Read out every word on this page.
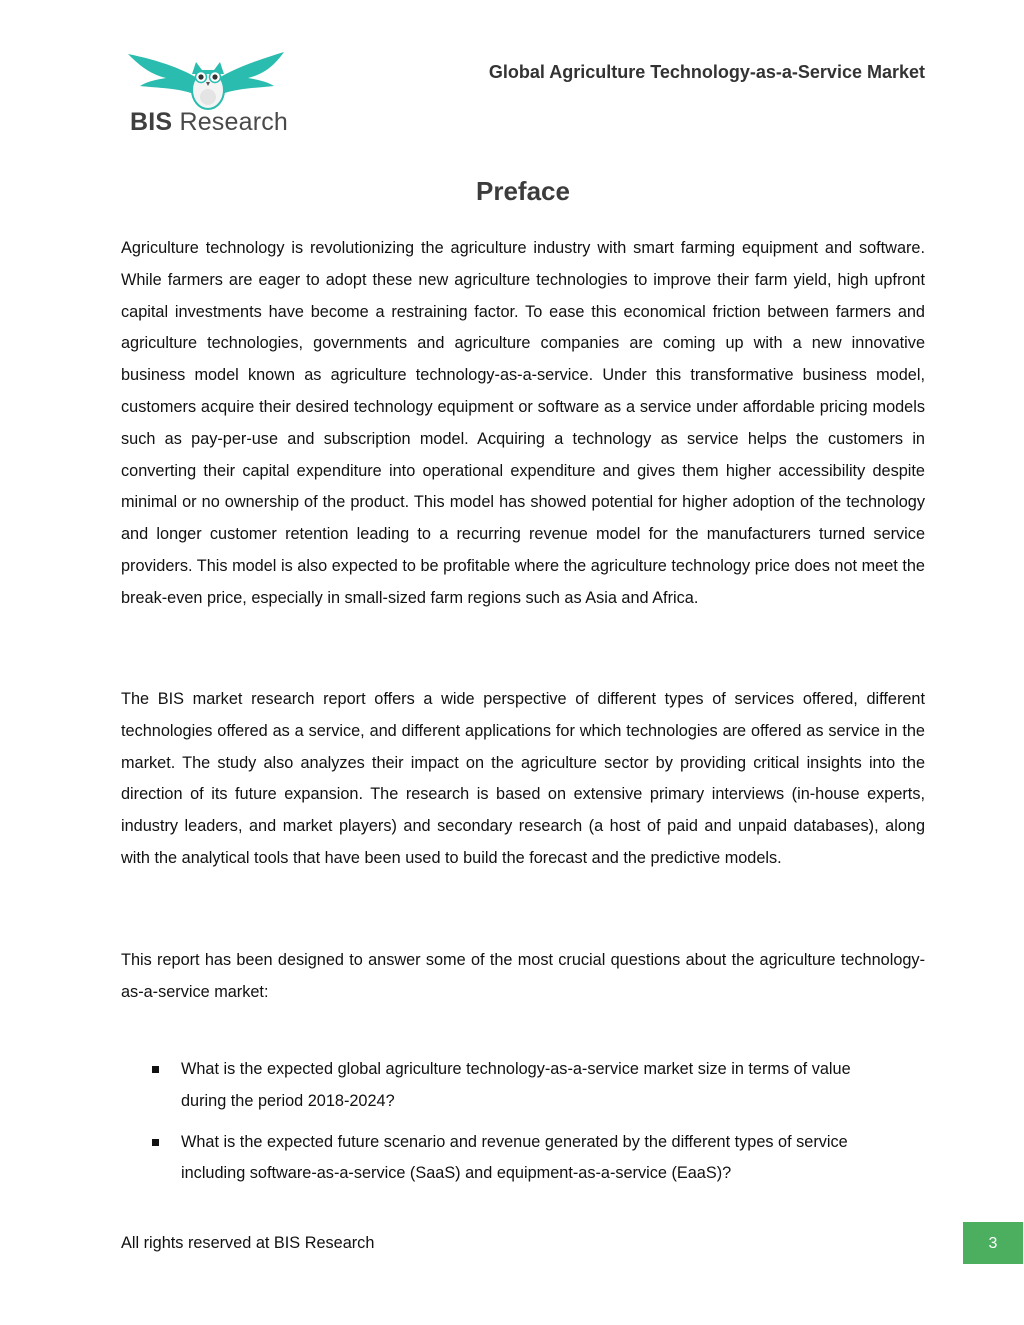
BIS Research
Global Agriculture Technology-as-a-Service Market
Preface

Agriculture technology is revolutionizing the agriculture industry with smart farming equipment and software. While farmers are eager to adopt these new agriculture technologies to improve their farm yield, high upfront capital investments have become a restraining factor. To ease this economical friction between farmers and agriculture technologies, governments and agriculture companies are coming up with a new innovative business model known as agriculture technology-as-a-service. Under this transformative business model, customers acquire their desired technology equipment or software as a service under affordable pricing models such as pay-per-use and subscription model. Acquiring a technology as service helps the customers in converting their capital expenditure into operational expenditure and gives them higher accessibility despite minimal or no ownership of the product. This model has showed potential for higher adoption of the technology and longer customer retention leading to a recurring revenue model for the manufacturers turned service providers. This model is also expected to be profitable where the agriculture technology price does not meet the break-even price, especially in small-sized farm regions such as Asia and Africa.

The BIS market research report offers a wide perspective of different types of services offered, different technologies offered as a service, and different applications for which technologies are offered as service in the market. The study also analyzes their impact on the agriculture sector by providing critical insights into the direction of its future expansion. The research is based on extensive primary interviews (in-house experts, industry leaders, and market players) and secondary research (a host of paid and unpaid databases), along with the analytical tools that have been used to build the forecast and the predictive models.

This report has been designed to answer some of the most crucial questions about the agriculture technology-as-a-service market:

What is the expected global agriculture technology-as-a-service market size in terms of value during the period 2018-2024?
What is the expected future scenario and revenue generated by the different types of service including software-as-a-service (SaaS) and equipment-as-a-service (EaaS)?
All rights reserved at BIS Research	3
